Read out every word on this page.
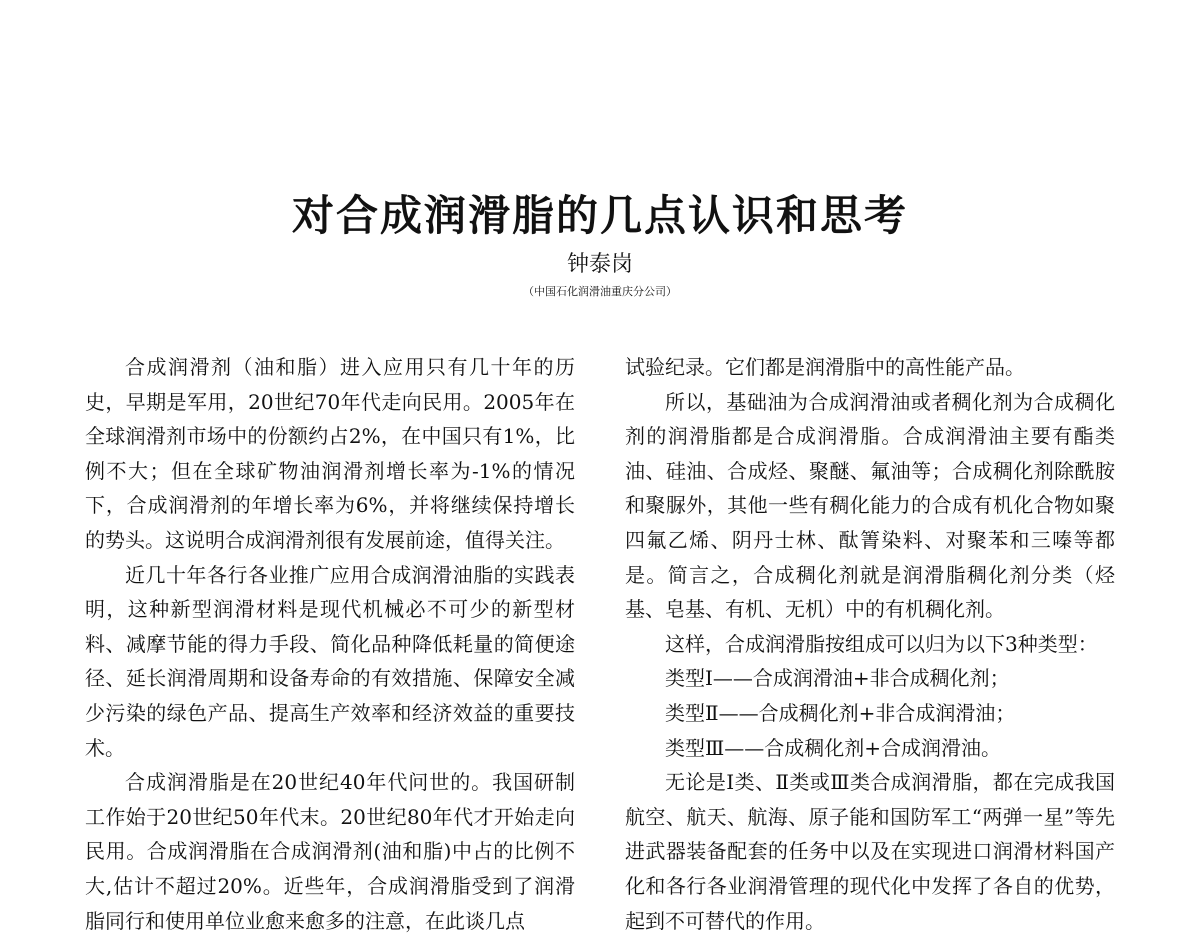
对合成润滑脂的几点认识和思考
钟泰岗
（中国石化润滑油重庆分公司）

合成润滑剂（油和脂）进入应用只有几十年的历史，早期是军用，20世纪70年代走向民用。2005年在全球润滑剂市场中的份额约占2%，在中国只有1%，比例不大；但在全球矿物油润滑剂增长率为-1%的情况下，合成润滑剂的年增长率为6%，并将继续保持增长的势头。这说明合成润滑剂很有发展前途，值得关注。

近几十年各行各业推广应用合成润滑油脂的实践表明，这种新型润滑材料是现代机械必不可少的新型材料、减摩节能的得力手段、简化品种降低耗量的简便途径、延长润滑周期和设备寿命的有效措施、保障安全减少污染的绿色产品、提高生产效率和经济效益的重要技术。

合成润滑脂是在20世纪40年代问世的。我国研制工作始于20世纪50年代末。20世纪80年代才开始走向民用。合成润滑脂在合成润滑剂(油和脂)中占的比例不大,估计不超过20%。近些年，合成润滑脂受到了润滑脂同行和使用单位业愈来愈多的注意，在此谈几点

试验纪录。它们都是润滑脂中的高性能产品。

所以，基础油为合成润滑油或者稠化剂为合成稠化剂的润滑脂都是合成润滑脂。合成润滑油主要有酯类油、硅油、合成烃、聚醚、氟油等；合成稠化剂除酰胺和聚脲外，其他一些有稠化能力的合成有机化合物如聚四氟乙烯、阴丹士林、酞箐染料、对聚苯和三嗪等都是。简言之，合成稠化剂就是润滑脂稠化剂分类（烃基、皂基、有机、无机）中的有机稠化剂。

这样，合成润滑脂按组成可以归为以下3种类型：

类型Ⅰ——合成润滑油+非合成稠化剂；

类型Ⅱ——合成稠化剂+非合成润滑油；

类型Ⅲ——合成稠化剂+合成润滑油。

无论是Ⅰ类、Ⅱ类或Ⅲ类合成润滑脂，都在完成我国航空、航天、航海、原子能和国防军工“两弹一星”等先进武器装备配套的任务中以及在实现进口润滑材料国产化和各行各业润滑管理的现代化中发挥了各自的优势，起到不可替代的作用。
